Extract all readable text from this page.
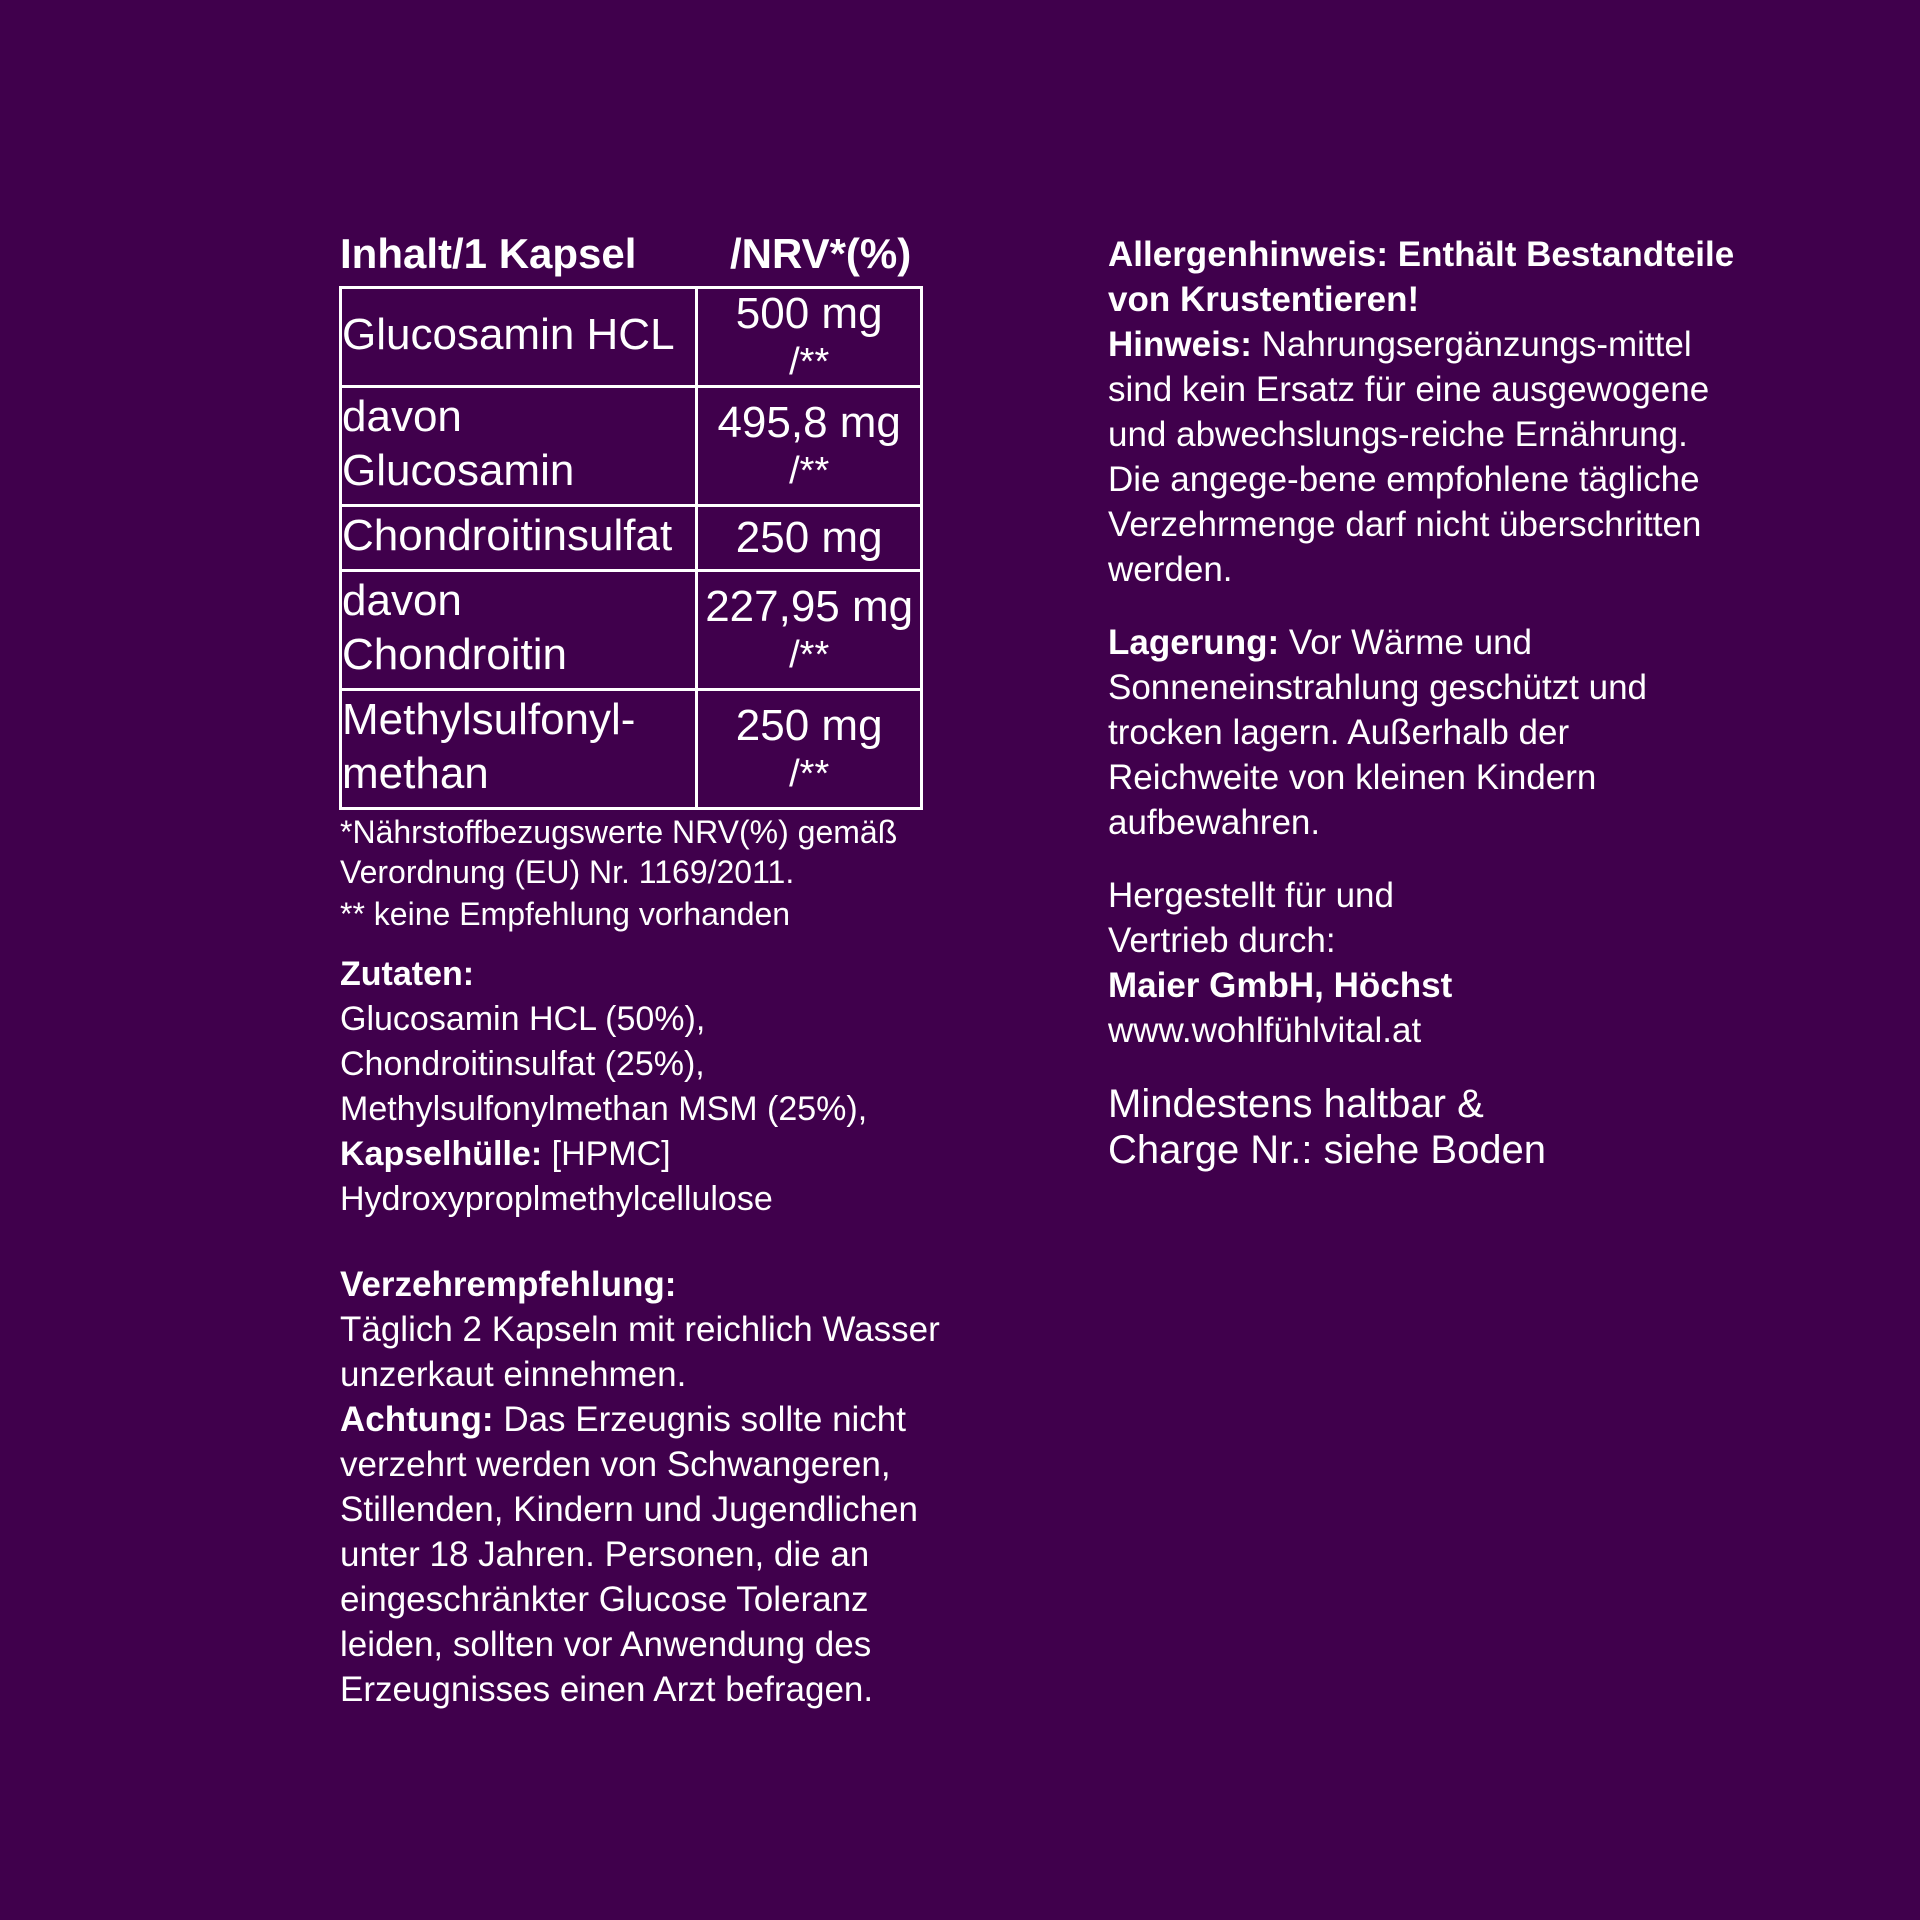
Inhalt/1 Kapsel	/NRV*(%)
Glucosamin HCL	500 mg
/**

davon Glucosamin	495,8 mg
/**

Chondroitinsulfat	250 mg
davon Chondroitin	227,95 mg
/**

Methylsulfonyl-methan	250 mg
/**
*Nährstoffbezugswerte NRV(%) gemäß Verordnung (EU) Nr. 1169/2011.
** keine Empfehlung vorhanden
Zutaten:
Glucosamin HCL (50%), Chondroitinsulfat (25%), Methylsulfonylmethan MSM (25%), Kapselhülle: [HPMC] Hydroxyproplmethylcellulose
Verzehrempfehlung:
Täglich 2 Kapseln mit reichlich Wasser unzerkaut einnehmen.
Achtung: Das Erzeugnis sollte nicht verzehrt werden von Schwangeren, Stillenden, Kindern und Jugendlichen unter 18 Jahren. Personen, die an eingeschränkter Glucose Toleranz leiden, sollten vor Anwendung des Erzeugnisses einen Arzt befragen.
Allergenhinweis: Enthält Bestandteile von Krustentieren!
Hinweis: Nahrungsergänzungs-mittel sind kein Ersatz für eine ausgewogene und abwechslungs-reiche Ernährung. Die angege-bene empfohlene tägliche Verzehrmenge darf nicht überschritten werden.
Lagerung: Vor Wärme und Sonneneinstrahlung geschützt und trocken lagern. Außerhalb der Reichweite von kleinen Kindern aufbewahren.
Hergestellt für und
Vertrieb durch:
Maier GmbH, Höchst
www.wohlfühlvital.at
Mindestens haltbar &
Charge Nr.: siehe Boden
